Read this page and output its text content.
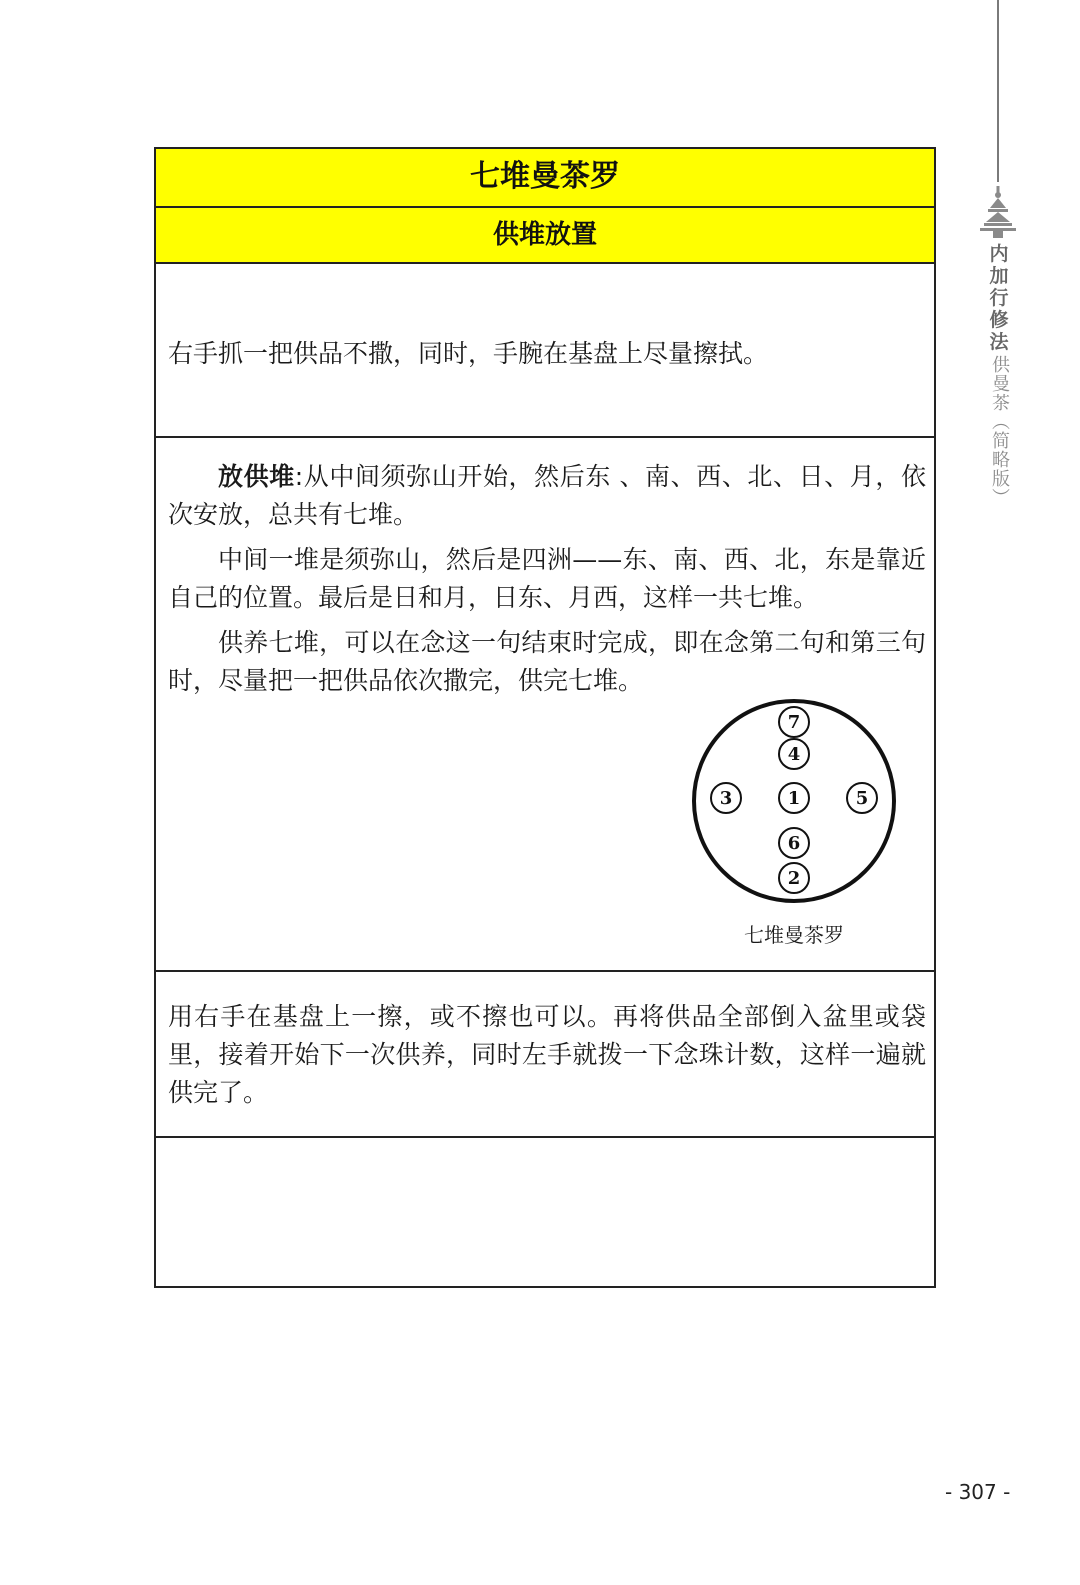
内加行修法
供曼茶（简略版）
七堆曼茶罗
供堆放置
右手抓一把供品不撒，同时，手腕在基盘上尽量擦拭。
放供堆:从中间须弥山开始，然后东 、南、西、北、日、月，依次安放，总共有七堆。
中间一堆是须弥山，然后是四洲——东、南、西、北，东是靠近自己的位置。最后是日和月，日东、月西，这样一共七堆。
供养七堆，可以在念这一句结束时完成，即在念第二句和第三句时，尽量把一把供品依次撒完，供完七堆。
7
4
3	1	5
6
2
七堆曼茶罗
用右手在基盘上一擦，或不擦也可以。再将供品全部倒入盆里或袋里，接着开始下一次供养，同时左手就拨一下念珠计数，这样一遍就供完了。
- 307 -
